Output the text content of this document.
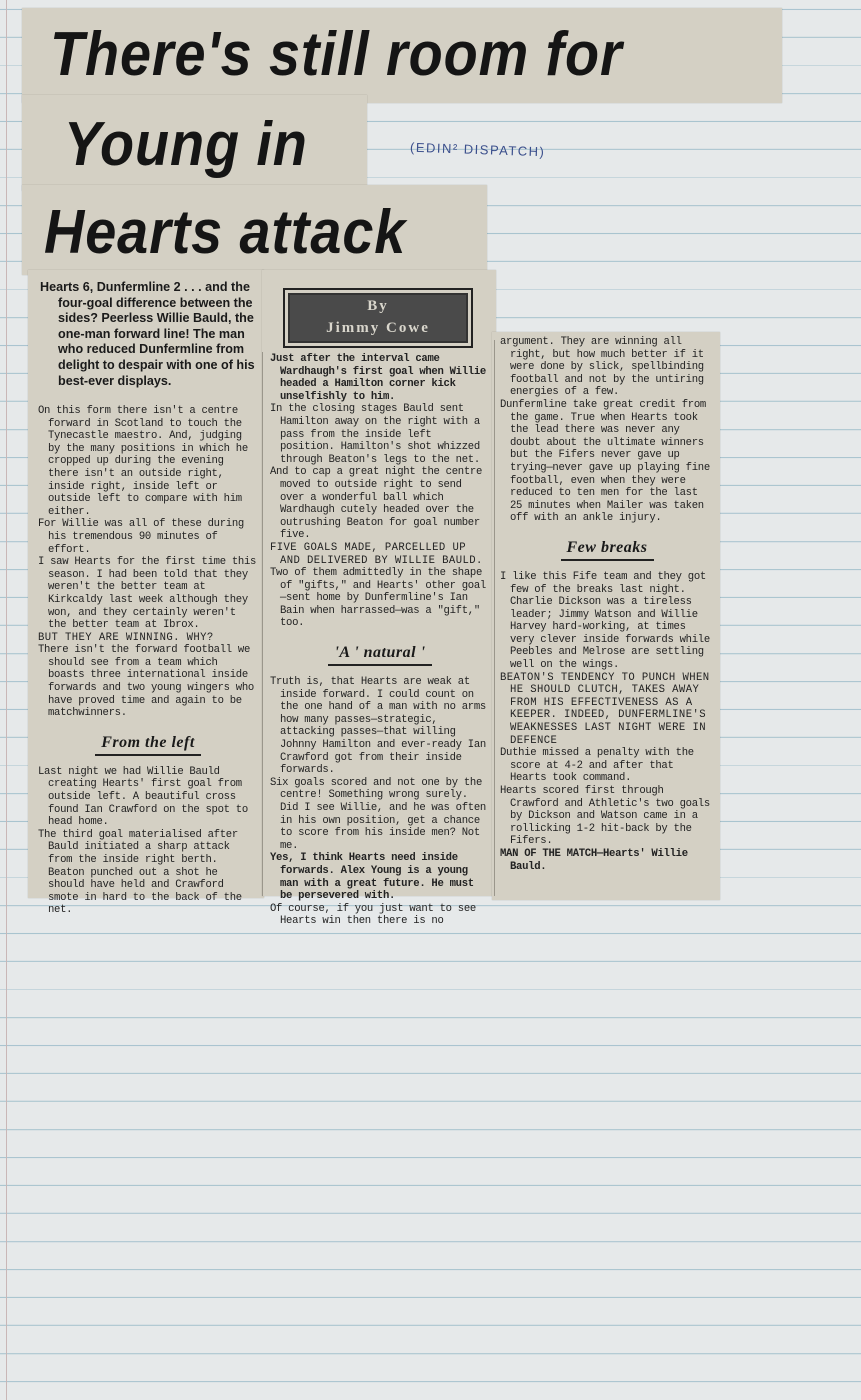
There's still room for
Young in
Hearts attack
(EDIN² DISPATCH)
By
Jimmy Cowe

Hearts 6, Dunfermline 2 . . . and the four-goal difference between the sides? Peerless Willie Bauld, the one-man forward line! The man who reduced Dunfermline from delight to despair with one of his best-ever displays.

On this form there isn't a centre forward in Scotland to touch the Tynecastle maestro. And, judging by the many positions in which he cropped up during the evening there isn't an outside right, inside right, inside left or outside left to compare with him either.

For Willie was all of these during his tremendous 90 minutes of effort.

I saw Hearts for the first time this season. I had been told that they weren't the better team at Kirkcaldy last week although they won, and they certainly weren't the better team at Ibrox.

BUT THEY ARE WINNING. WHY?

There isn't the forward football we should see from a team which boasts three international inside forwards and two young wingers who have proved time and again to be matchwinners.

From the left

Last night we had Willie Bauld creating Hearts' first goal from outside left. A beautiful cross found Ian Crawford on the spot to head home.

The third goal materialised after Bauld initiated a sharp attack from the inside right berth. Beaton punched out a shot he should have held and Crawford smote in hard to the back of the net.

Just after the interval came Wardhaugh's first goal when Willie headed a Hamilton corner kick unselfishly to him.

In the closing stages Bauld sent Hamilton away on the right with a pass from the inside left position. Hamilton's shot whizzed through Beaton's legs to the net.

And to cap a great night the centre moved to outside right to send over a wonderful ball which Wardhaugh cutely headed over the outrushing Beaton for goal number five.

FIVE GOALS MADE, PARCELLED UP AND DELIVERED BY WILLIE BAULD.

Two of them admittedly in the shape of "gifts," and Hearts' other goal—sent home by Dunfermline's Ian Bain when harrassed—was a "gift," too.

'A ' natural '

Truth is, that Hearts are weak at inside forward. I could count on the one hand of a man with no arms how many passes—strategic, attacking passes—that willing Johnny Hamilton and ever-ready Ian Crawford got from their inside forwards.

Six goals scored and not one by the centre! Something wrong surely. Did I see Willie, and he was often in his own position, get a chance to score from his inside men? Not me.

Yes, I think Hearts need inside forwards. Alex Young is a young man with a great future. He must be persevered with.

Of course, if you just want to see Hearts win then there is no

argument. They are winning all right, but how much better if it were done by slick, spellbinding football and not by the untiring energies of a few.

Dunfermline take great credit from the game. True when Hearts took the lead there was never any doubt about the ultimate winners but the Fifers never gave up trying—never gave up playing fine football, even when they were reduced to ten men for the last 25 minutes when Mailer was taken off with an ankle injury.

Few breaks

I like this Fife team and they got few of the breaks last night. Charlie Dickson was a tireless leader; Jimmy Watson and Willie Harvey hard-working, at times very clever inside forwards while Peebles and Melrose are settling well on the wings.

BEATON'S TENDENCY TO PUNCH WHEN HE SHOULD CLUTCH, TAKES AWAY FROM HIS EFFECTIVENESS AS A KEEPER. INDEED, DUNFERMLINE'S WEAKNESSES LAST NIGHT WERE IN DEFENCE

Duthie missed a penalty with the score at 4-2 and after that Hearts took command.

Hearts scored first through Crawford and Athletic's two goals by Dickson and Watson came in a rollicking 1-2 hit-back by the Fifers.

MAN OF THE MATCH—Hearts' Willie Bauld.
